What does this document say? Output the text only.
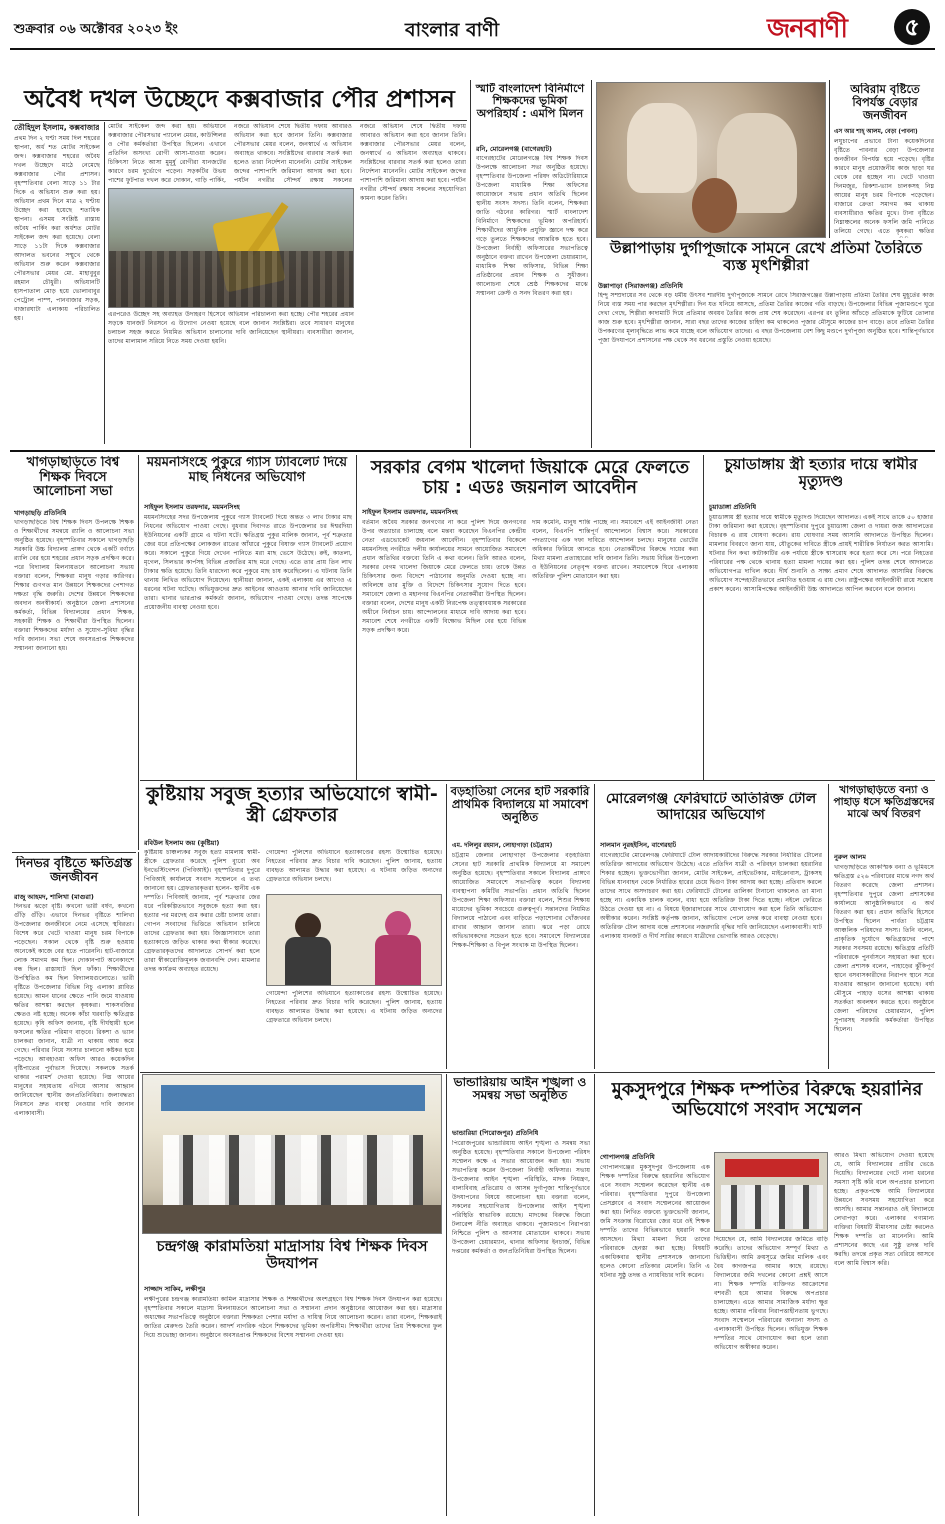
শুক্রবার ০৬ অক্টোবর ২০২৩ ইং	বাংলার বাণী	জনবাণী	৫
অবৈধ দখল উচ্ছেদে কক্সবাজার পৌর প্রশাসন
তৌহিদুল ইসলাম, কক্সবাজার
প্রথম দিন ২ ঘণ্টা সময় দিল শহরের স্থাপনা, অর্ধ শত মোটর সাইকেল জব্দ। কক্সবাজার শহরের অবৈধ দখল উচ্ছেদে মাঠে নেমেছে কক্সবাজার পৌর প্রশাসন। বৃহস্পতিবার বেলা সাড়ে ১১ টার দিকে এ অভিযান শুরু করা হয়। অভিযান প্রথম দিনে মাত্র ২ ঘণ্টায় উচ্ছেদ করা হয়েছে শতাধিক স্থাপনা। এসময় সংশ্লিষ্ট রাস্তায় অবৈধ পার্কিং করা অর্ধশত মোটর সাইকেল জব্দ করা হয়েছে। বেলা সাড়ে ১১টা দিকে কক্সবাজার আদালত ভবনের সম্মুখে থেকে অভিযান শুরু করেন কক্সবাজার পৌরসভার মেয়র মো. মাহাবুবুর রহমান চৌধুরী। অভিযানটি হাসপাতাল মোড় হয়ে ভোলাবাবুর পেট্রোল পাম্প, পানবাজার সড়ক, বাজারঘাটা এলাকায় পরিচালিত হয়।
মোটর সাইকেল জব্দ করা হয়। অভিযানে কক্সবাজার পৌরসভার প্যানেল মেয়র, কাউন্সিলর ও পৌর কর্মকর্তারা উপস্থিত ছিলেন। এখানে প্রতিদিন অসংখ্য রোগী আসা-যাওয়া করেন। চিকিৎসা নিতে আসা মুমূর্ষু রোগীরা যানজটের কারণে চরম দুর্ভোগে পড়েন। সড়কটির উভয় পাশের ফুটপাত দখল করে দোকান, গাড়ি পার্কিং,
নজরে অভিযান শেষে দ্বিতীয় দফায় আবারও অভিযান করা হবে জানান তিনি। কক্সবাজার পৌরসভার মেয়র বলেন, জনস্বার্থে এ অভিযান অব্যাহত থাকবে। সংশ্লিষ্টদের বারবার সতর্ক করা হলেও তারা নির্দেশনা মানেননি। মোটর সাইকেল জব্দের পাশাপাশি জরিমানা আদায় করা হবে। পর্যটন নগরীর সৌন্দর্য রক্ষায় সকলের
নজরে অভিযান শেষে দ্বিতীয় দফায় আবারও অভিযান করা হবে জানান তিনি। কক্সবাজার পৌরসভার মেয়র বলেন, জনস্বার্থে এ অভিযান অব্যাহত থাকবে। সংশ্লিষ্টদের বারবার সতর্ক করা হলেও তারা নির্দেশনা মানেননি। মোটর সাইকেল জব্দের পাশাপাশি জরিমানা আদায় করা হবে। পর্যটন নগরীর সৌন্দর্য রক্ষায় সকলের সহযোগিতা কামনা করেন তিনি।
এরপরেও উচ্ছেদ সহ অব্যাহত উদাহরণ হিসেবে অভিযান পরিচালনা করা হচ্ছে। পৌর শহরের প্রধান সড়কে যানজট নিরসনে এ উদ্যোগ নেওয়া হয়েছে বলে জানান সংশ্লিষ্টরা। তবে সাধারণ মানুষের চলাচল সহজ করতে নিয়মিত অভিযান চালানোর দাবি জানিয়েছেন স্থানীয়রা। ব্যবসায়ীরা জানান, তাদের মালামাল সরিয়ে নিতে সময় দেওয়া হয়নি।
স্মার্ট বাংলাদেশ বিনির্মাণে শিক্ষকদের ভূমিকা অপরিহার্য : এমপি মিলন
রনি, মোরেলগঞ্জ (বাগেরহাট)
বাগেরহাটের মোরেলগঞ্জে বিশ্ব শিক্ষক দিবস উপলক্ষে আলোচনা সভা অনুষ্ঠিত হয়েছে। বৃহস্পতিবার উপজেলা পরিষদ অডিটোরিয়ামে উপজেলা মাধ্যমিক শিক্ষা অফিসের আয়োজনে সভায় প্রধান অতিথি ছিলেন স্থানীয় সংসদ সদস্য। তিনি বলেন, শিক্ষকরা জাতি গঠনের কারিগর। স্মার্ট বাংলাদেশ বিনির্মাণে শিক্ষকদের ভূমিকা অপরিহার্য। শিক্ষার্থীদের আধুনিক প্রযুক্তি জ্ঞানে দক্ষ করে গড়ে তুলতে শিক্ষকদের আন্তরিক হতে হবে। উপজেলা নির্বাহী অফিসারের সভাপতিত্বে অনুষ্ঠানে বক্তব্য রাখেন উপজেলা চেয়ারম্যান, মাধ্যমিক শিক্ষা অফিসার, বিভিন্ন শিক্ষা প্রতিষ্ঠানের প্রধান শিক্ষক ও সুধীজন। আলোচনা শেষে শ্রেষ্ঠ শিক্ষকদের মাঝে সম্মাননা ক্রেস্ট ও সনদ বিতরণ করা হয়।
উল্লাপাড়ায় দুর্গাপূজাকে সামনে রেখে প্রতিমা তৈরিতে ব্যস্ত মৃৎশিল্পীরা
উল্লাপাড়া (সিরাজগঞ্জ) প্রতিনিধি
হিন্দু সম্প্রদায়ের সব থেকে বড় ধর্মীয় উৎসব শারদীয় দুর্গাপূজাকে সামনে রেখে সিরাজগঞ্জের উল্লাপাড়ায় প্রতিমা তৈরির শেষ মুহূর্তের কাজ নিয়ে ব্যস্ত সময় পার করছেন মৃৎশিল্পীরা। দিন যত ঘনিয়ে আসছে, প্রতিমা তৈরির কাজের গতি বাড়ছে। উপজেলার বিভিন্ন পূজামণ্ডপে ঘুরে দেখা গেছে, শিল্পীরা কাদামাটি দিয়ে প্রতিমার অবয়ব তৈরির কাজ প্রায় শেষ করেছেন। এরপর রং তুলির আঁচড়ে প্রতিমাকে ফুটিয়ে তোলার কাজ শুরু হবে। মৃৎশিল্পীরা জানান, সারা বছর তাদের কাজের চাহিদা কম থাকলেও পূজার মৌসুমে কাজের চাপ বাড়ে। তবে প্রতিমা তৈরির উপকরণের মূল্যবৃদ্ধিতে লাভ কমে যাচ্ছে বলে অভিযোগ তাদের। এ বছর উপজেলায় বেশ কিছু মণ্ডপে দুর্গাপূজা অনুষ্ঠিত হবে। শান্তিপূর্ণভাবে পূজা উদযাপনে প্রশাসনের পক্ষ থেকে সব ধরনের প্রস্তুতি নেওয়া হয়েছে।
অবিরাম বৃষ্টিতে বিপর্যস্ত বেড়ার জনজীবন
এস আর শাহ্ আলম, বেড়া (পাবনা)
লঘুচাপের প্রভাবে টানা কয়েকদিনের বৃষ্টিতে পাবনার বেড়া উপজেলার জনজীবন বিপর্যস্ত হয়ে পড়েছে। বৃষ্টির কারণে মানুষ প্রয়োজনীয় কাজ ছাড়া ঘর থেকে বের হচ্ছেন না। খেটে খাওয়া দিনমজুর, রিকশা-ভ্যান চালকসহ নিম্ন আয়ের মানুষ চরম বিপাকে পড়েছেন। বাজারে ক্রেতা সমাগম কম থাকায় ব্যবসায়ীরাও ক্ষতির মুখে। টানা বৃষ্টিতে নিম্নাঞ্চলের অনেক ফসলি জমি পানিতে তলিয়ে গেছে। এতে কৃষকরা ক্ষতির
খাগড়াছড়িতে বিশ্ব শিক্ষক দিবসে আলোচনা সভা
খাগড়াছড়ি প্রতিনিধি
খাগড়াছড়িতে বিশ্ব শিক্ষক দিবস উপলক্ষে শিক্ষক ও শিক্ষার্থীদের সমন্বয়ে র‌্যালি ও আলোচনা সভা অনুষ্ঠিত হয়েছে। বৃহস্পতিবার সকালে খাগড়াছড়ি সরকারি উচ্চ বিদ্যালয় প্রাঙ্গণ থেকে একটি বর্ণাঢ্য র‌্যালি বের হয়ে শহরের প্রধান সড়ক প্রদক্ষিণ করে। পরে বিদ্যালয় মিলনায়তনে আলোচনা সভায় বক্তারা বলেন, শিক্ষকরা মানুষ গড়ার কারিগর। শিক্ষার গুণগত মান উন্নয়নে শিক্ষকদের পেশাগত দক্ষতা বৃদ্ধি জরুরি। দেশের উন্নয়নে শিক্ষকদের অবদান অনস্বীকার্য। অনুষ্ঠানে জেলা প্রশাসনের কর্মকর্তা, বিভিন্ন বিদ্যালয়ের প্রধান শিক্ষক, সহকারী শিক্ষক ও শিক্ষার্থীরা উপস্থিত ছিলেন। বক্তারা শিক্ষকদের মর্যাদা ও সুযোগ-সুবিধা বৃদ্ধির দাবি জানান। সভা শেষে অবসরপ্রাপ্ত শিক্ষকদের সম্মাননা জানানো হয়।
ময়মনসিংহে পুকুরে গ্যাস ট্যাবলেট দিয়ে মাছ নিধনের অভিযোগ
সাইফুল ইসলাম তরফদার, ময়মনসিংহ
ময়মনসিংহের সদর উপজেলায় পুকুরে গ্যাস ট্যাবলেট দিয়ে অন্তত ৩ লাখ টাকার মাছ নিধনের অভিযোগ পাওয়া গেছে। বুধবার দিবাগত রাতে উপজেলার চর ঈশ্বরদিয়া ইউনিয়নের একটি গ্রামে এ ঘটনা ঘটে। ক্ষতিগ্রস্ত পুকুর মালিক জানান, পূর্ব শত্রুতার জের ধরে প্রতিপক্ষের লোকজন রাতের আঁধারে পুকুরে বিষাক্ত গ্যাস ট্যাবলেট প্রয়োগ করে। সকালে পুকুরে গিয়ে দেখেন পানিতে মরা মাছ ভেসে উঠেছে। রুই, কাতলা, মৃগেল, সিলভার কার্পসহ বিভিন্ন প্রজাতির মাছ মরে গেছে। এতে তার প্রায় তিন লাখ টাকার ক্ষতি হয়েছে। তিনি ধারদেনা করে পুকুরে মাছ চাষ করেছিলেন। এ ঘটনায় তিনি থানায় লিখিত অভিযোগ দিয়েছেন। স্থানীয়রা জানান, একই এলাকায় এর আগেও এ ধরনের ঘটনা ঘটেছে। অভিযুক্তদের দ্রুত আইনের আওতায় আনার দাবি জানিয়েছেন তারা। থানার ভারপ্রাপ্ত কর্মকর্তা জানান, অভিযোগ পাওয়া গেছে। তদন্ত সাপেক্ষে প্রয়োজনীয় ব্যবস্থা নেওয়া হবে।
সরকার বেগম খালেদা জিয়াকে মেরে ফেলতে চায় : এডঃ জয়নাল আবেদীন
সাইফুল ইসলাম তরফদার, ময়মনসিংহ
বর্তমান অবৈধ সরকার জনগণের না করে পুলিশ দিয়ে জনগণের উপর অত্যাচার চালাচ্ছে বলে মন্তব্য করেছেন বিএনপির কেন্দ্রীয় নেতা এডভোকেট জয়নাল আবেদীন। বৃহস্পতিবার বিকেলে ময়মনসিংহ নগরীতে দলীয় কার্যালয়ের সামনে আয়োজিত সমাবেশে প্রধান অতিথির বক্তব্যে তিনি এ কথা বলেন। তিনি আরও বলেন, সরকার বেগম খালেদা জিয়াকে মেরে ফেলতে চায়। তাকে উন্নত চিকিৎসার জন্য বিদেশে পাঠানোর অনুমতি দেওয়া হচ্ছে না। অবিলম্বে তার মুক্তি ও বিদেশে চিকিৎসার সুযোগ দিতে হবে। সমাবেশে জেলা ও মহানগর বিএনপির নেতাকর্মীরা উপস্থিত ছিলেন। বক্তারা বলেন, দেশের মানুষ একটি নিরপেক্ষ তত্ত্বাবধায়ক সরকারের অধীনে নির্বাচন চায়। আন্দোলনের মাধ্যমে দাবি আদায় করা হবে। সমাবেশ শেষে নগরীতে একটি বিক্ষোভ মিছিল বের হয়ে বিভিন্ন সড়ক প্রদক্ষিণ করে।
দাম কমেনি, মানুষ শান্তি পাচ্ছে না। সমাবেশে এই আইনজীবী নেতা বলেন, বিএনপি শান্তিপূর্ণ আন্দোলনে বিশ্বাস করে। সরকারের পদত্যাগের এক দফা দাবিতে আন্দোলন চলছে। মানুষের ভোটের অধিকার ফিরিয়ে আনতে হবে। নেতাকর্মীদের বিরুদ্ধে দায়ের করা মিথ্যা মামলা প্রত্যাহারের দাবি জানান তিনি। সভায় বিভিন্ন উপজেলা ও ইউনিয়নের নেতৃবৃন্দ বক্তব্য রাখেন। সমাবেশকে ঘিরে এলাকায় অতিরিক্ত পুলিশ মোতায়েন করা হয়।
চুয়াডাঙ্গায় স্ত্রী হত্যার দায়ে স্বামীর মৃত্যুদণ্ড
চুয়াডাঙ্গা প্রতিনিধি
চুয়াডাঙ্গায় স্ত্রী হত্যার দায়ে স্বামীকে মৃত্যুদণ্ড দিয়েছেন আদালত। একই সাথে তাকে ৫০ হাজার টাকা জরিমানা করা হয়েছে। বৃহস্পতিবার দুপুরে চুয়াডাঙ্গা জেলা ও দায়রা জজ আদালতের বিচারক এ রায় ঘোষণা করেন। রায় ঘোষণার সময় আসামি আদালতে উপস্থিত ছিলেন। মামলার বিবরণে জানা যায়, যৌতুকের দাবিতে স্ত্রীকে প্রায়ই শারীরিক নির্যাতন করত আসামি। ঘটনার দিন কথা কাটাকাটির এক পর্যায়ে স্ত্রীকে শ্বাসরোধ করে হত্যা করে সে। পরে নিহতের পরিবারের পক্ষ থেকে থানায় হত্যা মামলা দায়ের করা হয়। পুলিশ তদন্ত শেষে আদালতে অভিযোগপত্র দাখিল করে। দীর্ঘ শুনানি ও সাক্ষ্য প্রমাণ শেষে আদালত আসামির বিরুদ্ধে অভিযোগ সন্দেহাতীতভাবে প্রমাণিত হওয়ায় এ রায় দেন। রাষ্ট্রপক্ষের আইনজীবী রায়ে সন্তোষ প্রকাশ করেন। আসামিপক্ষের আইনজীবী উচ্চ আদালতে আপিল করবেন বলে জানান।
কুষ্টিয়ায় সবুজ হত্যার অভিযোগে স্বামী-স্ত্রী গ্রেফতার
রবিউল ইসলাম জয় (কুষ্টিয়া)
কুষ্টিয়ায় চাঞ্চল্যকর সবুজ হত্যা মামলায় স্বামী-স্ত্রীকে গ্রেফতার করেছে পুলিশ ব্যুরো অব ইনভেস্টিগেশন (পিবিআই)। বৃহস্পতিবার দুপুরে পিবিআই কার্যালয়ে সংবাদ সম্মেলনে এ তথ্য জানানো হয়। গ্রেফতারকৃতরা হলেন- স্থানীয় এক দম্পতি। পিবিআই জানায়, পূর্ব শত্রুতার জের ধরে পরিকল্পিতভাবে সবুজকে হত্যা করা হয়। হত্যার পর মরদেহ গুম করার চেষ্টা চালায় তারা। গোপন সংবাদের ভিত্তিতে অভিযান চালিয়ে তাদের গ্রেফতার করা হয়। জিজ্ঞাসাবাদে তারা হত্যাকাণ্ডে জড়িত থাকার কথা স্বীকার করেছে। গ্রেফতারকৃতদের আদালতে সোপর্দ করা হলে তারা স্বীকারোক্তিমূলক জবানবন্দি দেন। মামলার তদন্ত কার্যক্রম অব্যাহত রয়েছে।
গোয়েন্দা পুলিশের অভিযানে হত্যাকাণ্ডের রহস্য উন্মোচিত হয়েছে। নিহতের পরিবার দ্রুত বিচার দাবি করেছেন। পুলিশ জানায়, হত্যায় ব্যবহৃত আলামত উদ্ধার করা হয়েছে। এ ঘটনায় জড়িত অন্যদের গ্রেফতারে অভিযান চলছে।
গোয়েন্দা পুলিশের অভিযানে হত্যাকাণ্ডের রহস্য উন্মোচিত হয়েছে। নিহতের পরিবার দ্রুত বিচার দাবি করেছেন। পুলিশ জানায়, হত্যায় ব্যবহৃত আলামত উদ্ধার করা হয়েছে। এ ঘটনায় জড়িত অন্যদের গ্রেফতারে অভিযান চলছে।
বড়হাতিয়া সেনের হাট সরকারি প্রাথমিক বিদ্যালয়ে মা সমাবেশ অনুষ্ঠিত
এম. দলিলুর রহমান, লোহাগাড়া (চট্টগ্রাম)
চট্টগ্রাম জেলার লোহাগাড়া উপজেলার বড়হাতিয়া সেনের হাট সরকারি প্রাথমিক বিদ্যালয়ে মা সমাবেশ অনুষ্ঠিত হয়েছে। বৃহস্পতিবার সকালে বিদ্যালয় প্রাঙ্গণে আয়োজিত সমাবেশে সভাপতিত্ব করেন বিদ্যালয় ব্যবস্থাপনা কমিটির সভাপতি। প্রধান অতিথি ছিলেন উপজেলা শিক্ষা অফিসার। বক্তারা বলেন, শিশুর শিক্ষায় মায়েদের ভূমিকা সবচেয়ে গুরুত্বপূর্ণ। সন্তানদের নিয়মিত বিদ্যালয়ে পাঠানো এবং বাড়িতে পড়াশোনার খোঁজখবর রাখার আহ্বান জানান তারা। ঝরে পড়া রোধে অভিভাবকদের সচেতন হতে হবে। সমাবেশে বিদ্যালয়ের শিক্ষক-শিক্ষিকা ও বিপুল সংখ্যক মা উপস্থিত ছিলেন।
মোরেলগঞ্জ ফেরিঘাটে অতিরিক্ত টোল আদায়ের অভিযোগ
সালমান নুরহইসিন, বাগেরহাট
বাগেরহাটের মোরেলগঞ্জ ফেরিঘাটে টোল আদায়কারীদের বিরুদ্ধে সরকার নির্ধারিত টোলের অতিরিক্ত আদায়ের অভিযোগ উঠেছে। এতে প্রতিদিন যাত্রী ও পরিবহন চালকরা হয়রানির শিকার হচ্ছেন। ভুক্তভোগীরা জানান, মোটর সাইকেল, প্রাইভেটকার, মাইক্রোবাস, ট্রাকসহ বিভিন্ন যানবাহন থেকে নির্ধারিত হারের চেয়ে দ্বিগুণ টাকা আদায় করা হচ্ছে। প্রতিবাদ করলে তাদের সাথে অসদাচরণ করা হয়। ফেরিঘাটে টোলের তালিকা টানানো থাকলেও তা মানা হচ্ছে না। একাধিক চালক বলেন, বাধ্য হয়ে অতিরিক্ত টাকা দিতে হচ্ছে। নইলে ফেরিতে উঠতে দেওয়া হয় না। এ বিষয়ে ইজারাদারের সাথে যোগাযোগ করা হলে তিনি অভিযোগ অস্বীকার করেন। সংশ্লিষ্ট কর্তৃপক্ষ জানান, অভিযোগ পেলে তদন্ত করে ব্যবস্থা নেওয়া হবে। অতিরিক্ত টোল আদায় বন্ধে প্রশাসনের নজরদারি বৃদ্ধির দাবি জানিয়েছেন এলাকাবাসী। ঘাট এলাকায় যানজট ও দীর্ঘ সারির কারণে যাত্রীদের ভোগান্তি আরও বেড়েছে।
খাগড়াছড়িতে বন্যা ও পাহাড় ধসে ক্ষতিগ্রস্তদের মাঝে অর্থ বিতরণ
নুরুল আলম
খাগড়াছড়িতে আকস্মিক বন্যা ও ভূমিধসে ক্ষতিগ্রস্ত ৫২৬ পরিবারের মাঝে নগদ অর্থ বিতরণ করেছে জেলা প্রশাসন। বৃহস্পতিবার দুপুরে জেলা প্রশাসকের কার্যালয়ে আনুষ্ঠানিকভাবে এ অর্থ বিতরণ করা হয়। প্রধান অতিথি হিসেবে উপস্থিত ছিলেন পার্বত্য চট্টগ্রাম আঞ্চলিক পরিষদের সদস্য। তিনি বলেন, প্রাকৃতিক দুর্যোগে ক্ষতিগ্রস্তদের পাশে সরকার সবসময় রয়েছে। ক্ষতিগ্রস্ত প্রতিটি পরিবারকে পুনর্বাসনে সহায়তা করা হবে। জেলা প্রশাসক বলেন, পাহাড়ের ঝুঁকিপূর্ণ স্থানে বসবাসকারীদের নিরাপদ স্থানে সরে যাওয়ার আহ্বান জানানো হয়েছে। বর্ষা মৌসুমে পাহাড় ধসের আশঙ্কা থাকায় সতর্কতা অবলম্বন করতে হবে। অনুষ্ঠানে জেলা পরিষদের চেয়ারম্যান, পুলিশ সুপারসহ সরকারি কর্মকর্তারা উপস্থিত ছিলেন।
দিনভর বৃষ্টিতে ক্ষতিগ্রস্ত জনজীবন
রাজু আহমদ, শালিখা (মাগুরা)
দিনভর ঝড়ো বৃষ্টি। কখনো ভারী বর্ষণ, কখনো গুঁড়ি গুঁড়ি। এভাবে দিনভর বৃষ্টিতে শালিখা উপজেলার জনজীবনে নেমে এসেছে স্থবিরতা। বিশেষ করে খেটে খাওয়া মানুষ চরম বিপাকে পড়েছেন। সকাল থেকে বৃষ্টি শুরু হওয়ায় অনেকেই কাজে বের হতে পারেননি। হাট-বাজারে লোক সমাগম কম ছিল। দোকানপাট অনেকাংশে বন্ধ ছিল। রাস্তাঘাট ছিল ফাঁকা। শিক্ষার্থীদের উপস্থিতিও কম ছিল বিদ্যালয়গুলোতে। ভারী বৃষ্টিতে উপজেলার বিভিন্ন নিচু এলাকা প্লাবিত হয়েছে। আমন ধানের ক্ষেতে পানি জমে যাওয়ায় ক্ষতির আশঙ্কা করছেন কৃষকরা। শাকসবজির ক্ষেতও নষ্ট হচ্ছে। অনেক কাঁচা ঘরবাড়ি ক্ষতিগ্রস্ত হয়েছে। কৃষি অফিস জানায়, বৃষ্টি দীর্ঘস্থায়ী হলে ফসলের ক্ষতির পরিমাণ বাড়বে। রিকশা ও ভ্যান চালকরা জানান, যাত্রী না থাকায় আয় কমে গেছে। পরিবার নিয়ে সংসার চালানো কষ্টকর হয়ে পড়েছে। আবহাওয়া অফিস আরও কয়েকদিন বৃষ্টিপাতের পূর্বাভাস দিয়েছে। সকলকে সতর্ক থাকার পরামর্শ দেওয়া হয়েছে। নিম্ন আয়ের মানুষের সহায়তায় এগিয়ে আসার আহ্বান জানিয়েছেন স্থানীয় জনপ্রতিনিধিরা। জলাবদ্ধতা নিরসনে দ্রুত ব্যবস্থা নেওয়ার দাবি জানান এলাকাবাসী।
ভান্ডারিয়ায় আইন শৃঙ্খলা ও সমন্বয় সভা অনুষ্ঠিত
ভান্ডারিয়া (পিরোজপুর) প্রতিনিধি
পিরোজপুরের ভান্ডারিয়ায় আইন শৃঙ্খলা ও সমন্বয় সভা অনুষ্ঠিত হয়েছে। বৃহস্পতিবার সকালে উপজেলা পরিষদ সম্মেলন কক্ষে এ সভার আয়োজন করা হয়। সভায় সভাপতিত্ব করেন উপজেলা নির্বাহী অফিসার। সভায় উপজেলার আইন শৃঙ্খলা পরিস্থিতি, মাদক নিয়ন্ত্রণ, বাল্যবিবাহ প্রতিরোধ ও আসন্ন দুর্গাপূজা শান্তিপূর্ণভাবে উদযাপনের বিষয়ে আলোচনা হয়। বক্তারা বলেন, সকলের সহযোগিতায় উপজেলার আইন শৃঙ্খলা পরিস্থিতি স্বাভাবিক রয়েছে। মাদকের বিরুদ্ধে জিরো টলারেন্স নীতি অব্যাহত থাকবে। পূজামণ্ডপে নিরাপত্তা নিশ্চিতে পুলিশ ও আনসার মোতায়েন থাকবে। সভায় উপজেলা চেয়ারম্যান, থানার অফিসার ইনচার্জ, বিভিন্ন দপ্তরের কর্মকর্তা ও জনপ্রতিনিধিরা উপস্থিত ছিলেন।
মুকসুদপুরে শিক্ষক দম্পতির বিরুদ্ধে হয়রানির অভিযোগে সংবাদ সম্মেলন
গোপালগঞ্জ প্রতিনিধি
গোপালগঞ্জের মুকসুদপুর উপজেলায় এক শিক্ষক দম্পতির বিরুদ্ধে হয়রানির অভিযোগ এনে সংবাদ সম্মেলন করেছেন স্থানীয় এক পরিবার। বৃহস্পতিবার দুপুরে উপজেলা প্রেসক্লাবে এ সংবাদ সম্মেলনের আয়োজন করা হয়। লিখিত বক্তব্যে ভুক্তভোগী জানান, জমি সংক্রান্ত বিরোধের জের ধরে ওই শিক্ষক দম্পতি তাদের বিভিন্নভাবে হয়রানি করে আসছেন। মিথ্যা মামলা দিয়ে তাদের পরিবারকে হেনস্তা করা হচ্ছে। বিষয়টি একাধিকবার স্থানীয় প্রশাসনকে জানানো হলেও কোনো প্রতিকার মেলেনি। তিনি এ ঘটনার সুষ্ঠু তদন্ত ও ন্যায়বিচার দাবি করেন।
দিয়েছেন যে, আমি বিদ্যালয়ের জমিতে বাড়ি করেছি। তাদের অভিযোগ সম্পূর্ণ মিথ্যা ও ভিত্তিহীন। আমি ক্রয়সূত্রে জমির মালিক এবং বৈধ কাগজপত্র আমার কাছে রয়েছে। বিদ্যালয়ের জমি দখলের কোনো প্রশ্নই আসে না। শিক্ষক দম্পতি ব্যক্তিগত আক্রোশের বশবর্তী হয়ে আমার বিরুদ্ধে অপপ্রচার চালাচ্ছেন। এতে আমার সামাজিক মর্যাদা ক্ষুণ্ণ হচ্ছে। আমার পরিবার নিরাপত্তাহীনতায় ভুগছে। সংবাদ সম্মেলনে পরিবারের অন্যান্য সদস্য ও এলাকাবাসী উপস্থিত ছিলেন। অভিযুক্ত শিক্ষক দম্পতির সাথে যোগাযোগ করা হলে তারা অভিযোগ অস্বীকার করেন।
আরও মিথ্যা অভিযোগ দেওয়া হয়েছে যে, আমি বিদ্যালয়ের প্রাচীর ভেঙে দিয়েছি। বিদ্যালয়ের গেটে নানা ধরনের সমস্যা সৃষ্টি করি বলে অপপ্রচার চালানো হচ্ছে। প্রকৃতপক্ষে আমি বিদ্যালয়ের উন্নয়নে সবসময় সহযোগিতা করে আসছি। আমার সন্তানরাও ওই বিদ্যালয়ে লেখাপড়া করে। এলাকার গণ্যমান্য ব্যক্তিরা বিষয়টি মীমাংসার চেষ্টা করলেও শিক্ষক দম্পতি তা মানেননি। আমি প্রশাসনের কাছে এর সুষ্ঠু তদন্ত দাবি করছি। তদন্তে প্রকৃত সত্য বেরিয়ে আসবে বলে আমি বিশ্বাস করি।
চন্দ্রগঞ্জ কারামতিয়া মাদ্রাসায় বিশ্ব শিক্ষক দিবস উদযাপন
সাজ্জাদ সাকিব, লক্ষীপুর
লক্ষীপুরের চন্দ্রগঞ্জ কারামতিয়া কামিল মাদ্রাসার শিক্ষক ও শিক্ষার্থীদের অংশগ্রহণে বিশ্ব শিক্ষক দিবস উদযাপন করা হয়েছে। বৃহস্পতিবার সকালে মাদ্রাসা মিলনায়তনে আলোচনা সভা ও সম্মাননা প্রদান অনুষ্ঠানের আয়োজন করা হয়। মাদ্রাসার অধ্যক্ষের সভাপতিত্বে অনুষ্ঠানে বক্তারা শিক্ষকতা পেশার মর্যাদা ও দায়িত্ব নিয়ে আলোচনা করেন। তারা বলেন, শিক্ষকরাই জাতির মেরুদণ্ড তৈরি করেন। আদর্শ নাগরিক গঠনে শিক্ষকদের ভূমিকা অপরিসীম। শিক্ষার্থীরা তাদের প্রিয় শিক্ষকদের ফুল দিয়ে শুভেচ্ছা জানান। অনুষ্ঠানে অবসরপ্রাপ্ত শিক্ষকদের বিশেষ সম্মাননা দেওয়া হয়।
